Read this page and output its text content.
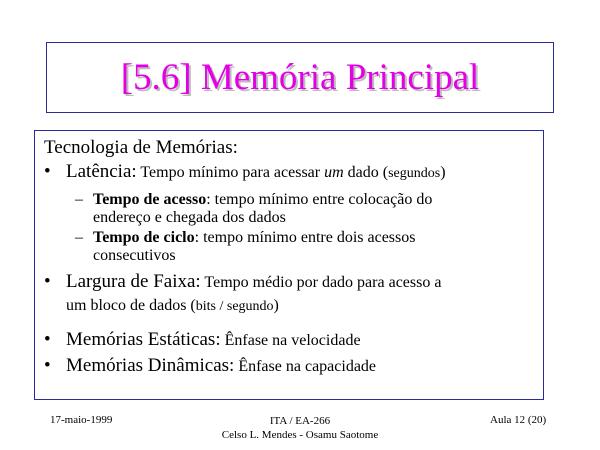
[5.6] Memória Principal
Tecnologia de Memórias:
• Latência: Tempo mínimo para acessar um dado (segundos)
– Tempo de acesso: tempo mínimo entre colocação do
endereço e chegada dos dados
– Tempo de ciclo: tempo mínimo entre dois acessos
consecutivos
• Largura de Faixa: Tempo médio por dado para acesso a
um bloco de dados (bits / segundo)
• Memórias Estáticas: Ênfase na velocidade
• Memórias Dinâmicas: Ênfase na capacidade
17-maio-1999	ITA / EA-266
Celso L. Mendes - Osamu Saotome
Aula 12 (20)
